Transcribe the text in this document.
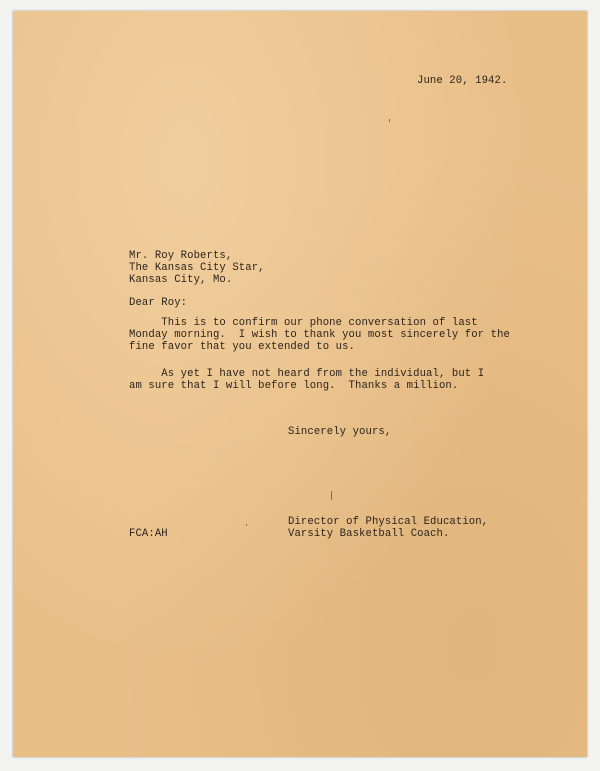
June 20, 1942.
Mr. Roy Roberts,
The Kansas City Star,
Kansas City, Mo.
Dear Roy:
This is to confirm our phone conversation of last
Monday morning.  I wish to thank you most sincerely for the
fine favor that you extended to us.
As yet I have not heard from the individual, but I
am sure that I will before long.  Thanks a million.
Sincerely yours,
Director of Physical Education,
Varsity Basketball Coach.
FCA:AH
